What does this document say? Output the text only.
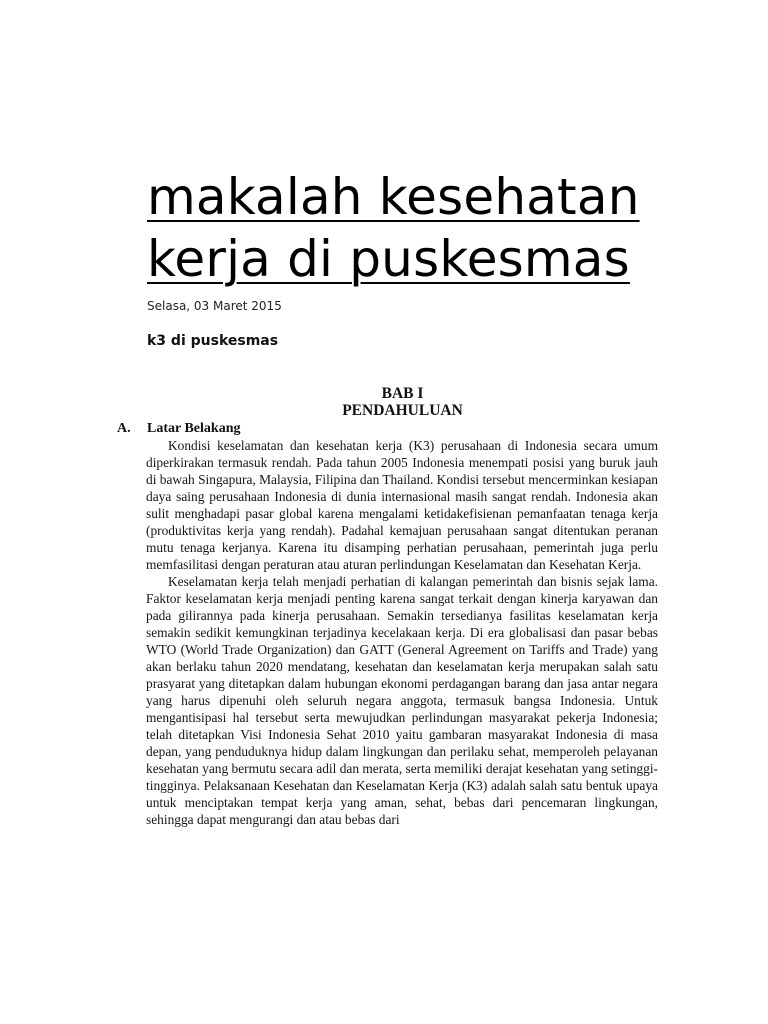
makalah kesehatan
kerja di puskesmas
Selasa, 03 Maret 2015
k3 di puskesmas
BAB I
PENDAHULUAN
A. Latar Belakang

Kondisi keselamatan dan kesehatan kerja (K3) perusahaan di Indonesia secara umum diperkirakan termasuk rendah. Pada tahun 2005 Indonesia menempati posisi yang buruk jauh di bawah Singapura, Malaysia, Filipina dan Thailand. Kondisi tersebut mencerminkan kesiapan daya saing perusahaan Indonesia di dunia internasional masih sangat rendah. Indonesia akan sulit menghadapi pasar global karena mengalami ketidakefisienan pemanfaatan tenaga kerja (produktivitas kerja yang rendah). Padahal kemajuan perusahaan sangat ditentukan peranan mutu tenaga kerjanya. Karena itu disamping perhatian perusahaan, pemerintah juga perlu memfasilitasi dengan peraturan atau aturan perlindungan Keselamatan dan Kesehatan Kerja.

Keselamatan kerja telah menjadi perhatian di kalangan pemerintah dan bisnis sejak lama. Faktor keselamatan kerja menjadi penting karena sangat terkait dengan kinerja karyawan dan pada gilirannya pada kinerja perusahaan. Semakin tersedianya fasilitas keselamatan kerja semakin sedikit kemungkinan terjadinya kecelakaan kerja. Di era globalisasi dan pasar bebas WTO (World Trade Organization) dan GATT (General Agreement on Tariffs and Trade) yang akan berlaku tahun 2020 mendatang, kesehatan dan keselamatan kerja merupakan salah satu prasyarat yang ditetapkan dalam hubungan ekonomi perdagangan barang dan jasa antar negara yang harus dipenuhi oleh seluruh negara anggota, termasuk bangsa Indonesia. Untuk mengantisipasi hal tersebut serta mewujudkan perlindungan masyarakat pekerja Indonesia; telah ditetapkan Visi Indonesia Sehat 2010 yaitu gambaran masyarakat Indonesia di masa depan, yang penduduknya hidup dalam lingkungan dan perilaku sehat, memperoleh pelayanan kesehatan yang bermutu secara adil dan merata, serta memiliki derajat kesehatan yang setinggi-tingginya. Pelaksanaan Kesehatan dan Keselamatan Kerja (K3) adalah salah satu bentuk upaya untuk menciptakan tempat kerja yang aman, sehat, bebas dari pencemaran lingkungan, sehingga dapat mengurangi dan atau bebas dari
